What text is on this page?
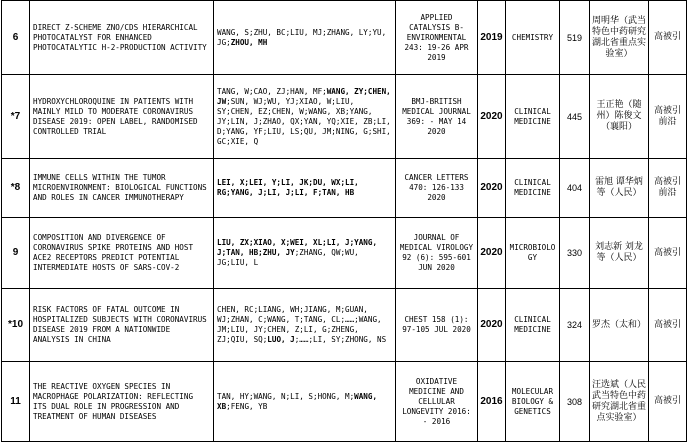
6	DIRECT Z-SCHEME ZNO/CDS HIERARCHICAL PHOTOCATALYST FOR ENHANCED PHOTOCATALYTIC H-2-PRODUCTION ACTIVITY	WANG, S;ZHU, BC;LIU, MJ;ZHANG, LY;YU, JG;ZHOU, MH	APPLIED CATALYSIS B-ENVIRONMENTAL 243: 19-26 APR 2019	2019	CHEMISTRY	519	周明华（武当特色中药研究湖北省重点实验室）	高被引
*7	HYDROXYCHLOROQUINE IN PATIENTS WITH MAINLY MILD TO MODERATE CORONAVIRUS DISEASE 2019: OPEN LABEL, RANDOMISED CONTROLLED TRIAL	TANG, W;CAO, ZJ;HAN, MF;WANG, ZY;CHEN, JW;SUN, WJ;WU, YJ;XIAO, W;LIU, SY;CHEN, EZ;CHEN, W;WANG, XB;YANG, JY;LIN, J;ZHAO, QX;YAN, YQ;XIE, ZB;LI, D;YANG, YF;LIU, LS;QU, JM;NING, G;SHI, GC;XIE, Q	BMJ-BRITISH MEDICAL JOURNAL 369: - MAY 14 2020	2020	CLINICAL MEDICINE	445	王正艳（随州）陈俊文（襄阳）	高被引前沿
*8	IMMUNE CELLS WITHIN THE TUMOR MICROENVIRONMENT: BIOLOGICAL FUNCTIONS AND ROLES IN CANCER IMMUNOTHERAPY	LEI, X;LEI, Y;LI, JK;DU, WX;LI, RG;YANG, J;LI, J;LI, F;TAN, HB	CANCER LETTERS 470: 126-133 2020	2020	CLINICAL MEDICINE	404	雷旭 谭华炳等（人民）	高被引前沿
9	COMPOSITION AND DIVERGENCE OF CORONAVIRUS SPIKE PROTEINS AND HOST ACE2 RECEPTORS PREDICT POTENTIAL INTERMEDIATE HOSTS OF SARS-COV-2	LIU, ZX;XIAO, X;WEI, XL;LI, J;YANG, J;TAN, HB;ZHU, JY;ZHANG, QW;WU, JG;LIU, L	JOURNAL OF MEDICAL VIROLOGY 92 (6): 595-601 JUN 2020	2020	MICROBIOLOGY	330	刘志新 刘龙等（人民）	高被引
*10	RISK FACTORS OF FATAL OUTCOME IN HOSPITALIZED SUBJECTS WITH CORONAVIRUS DISEASE 2019 FROM A NATIONWIDE ANALYSIS IN CHINA	CHEN, RC;LIANG, WH;JIANG, M;GUAN, WJ;ZHAN, C;WANG, T;TANG, CL;……;WANG, JM;LIU, JY;CHEN, Z;LI, G;ZHENG, ZJ;QIU, SQ;LUO, J;……;LI, SY;ZHONG, NS	CHEST 158 (1): 97-105 JUL 2020	2020	CLINICAL MEDICINE	324	罗杰（太和）	高被引
11	THE REACTIVE OXYGEN SPECIES IN MACROPHAGE POLARIZATION: REFLECTING ITS DUAL ROLE IN PROGRESSION AND TREATMENT OF HUMAN DISEASES	TAN, HY;WANG, N;LI, S;HONG, M;WANG, XB;FENG, YB	OXIDATIVE MEDICINE AND CELLULAR LONGEVITY 2016: - 2016	2016	MOLECULAR BIOLOGY & GENETICS	308	汪选斌（人民武当特色中药研究湖北省重点实验室）	高被引
